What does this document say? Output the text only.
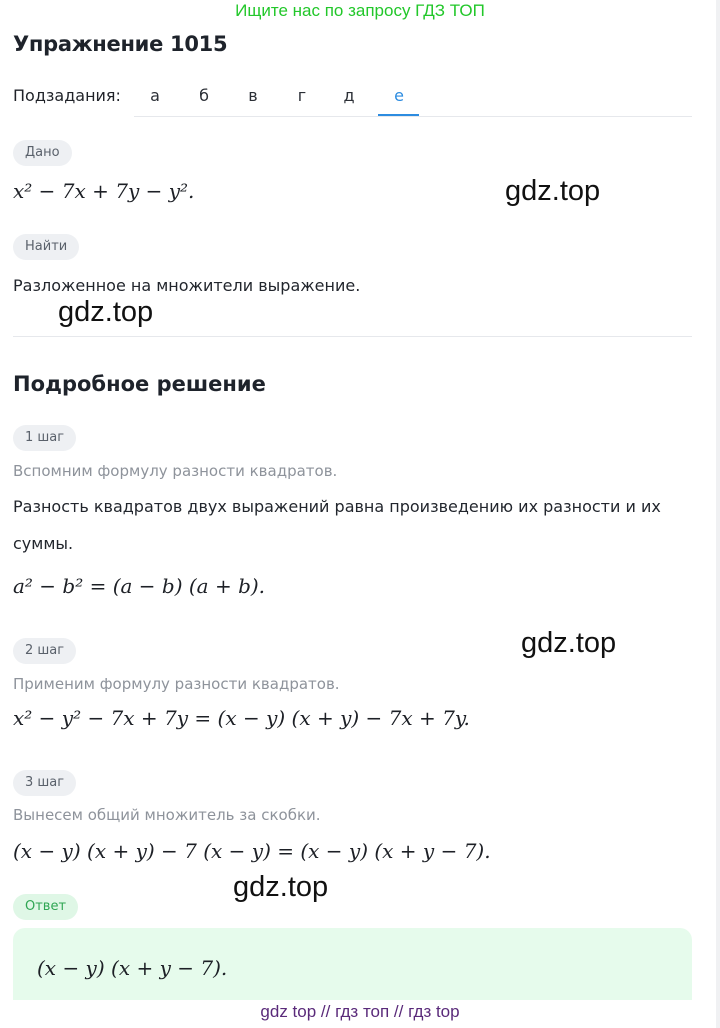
Ищите нас по запросу ГДЗ ТОП
Упражнение 1015
Подзадания:	а	б	в	г	д	е
Дано
x² − 7x + 7y − y².	gdz.top
Найти
Разложенное на множители выражение.
gdz.top
Подробное решение
1 шаг
Вспомним формулу разности квадратов.
Разность квадратов двух выражений равна произведению их разности и их
суммы.
a² − b² = (a − b) (a + b).
gdz.top
2 шаг
Применим формулу разности квадратов.
x² − y² − 7x + 7y = (x − y) (x + y) − 7x + 7y.
3 шаг
Вынесем общий множитель за скобки.
(x − y) (x + y) − 7 (x − y) = (x − y) (x + y − 7).
gdz.top
Ответ
(x − y) (x + y − 7).
gdz top // гдз топ // гдз top
